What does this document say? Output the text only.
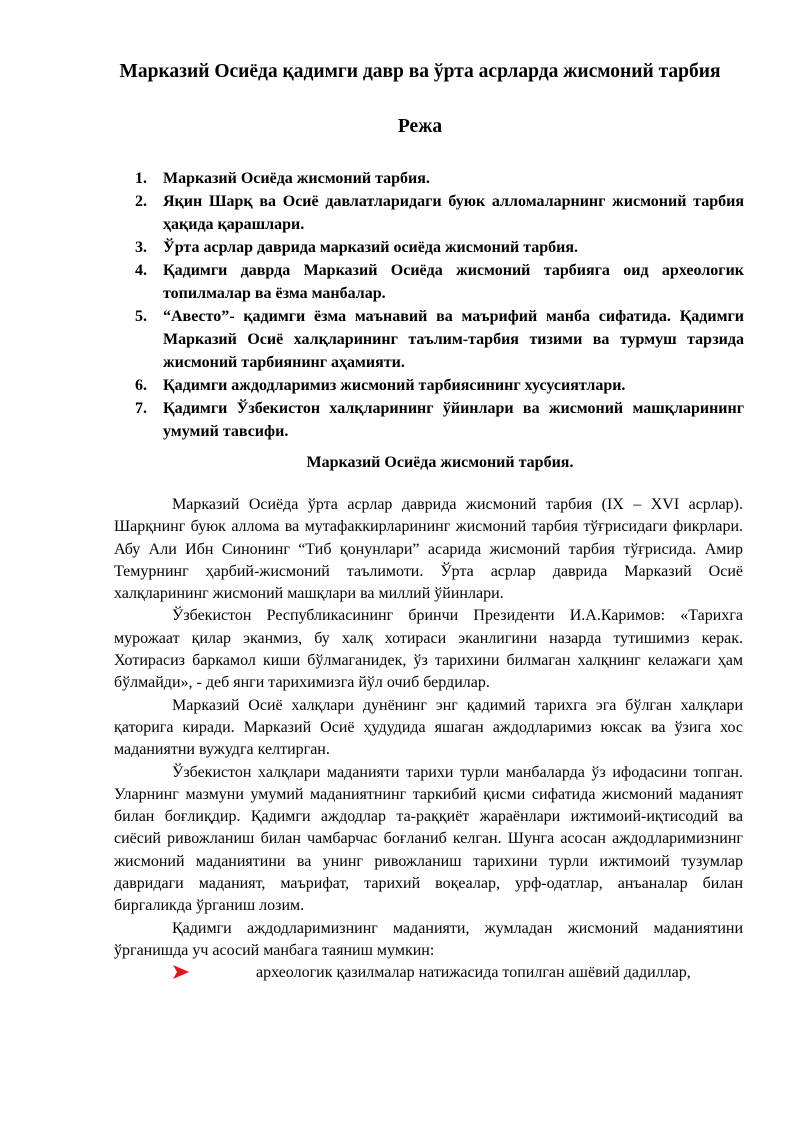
Марказий Осиёда қадимги давр ва ўрта асрларда жисмоний тарбия
Режа
1. Марказий Осиёда жисмоний тарбия.
2. Яқин Шарқ ва Осиё давлатларидаги буюк алломаларнинг жисмоний тарбия ҳақида қарашлари.
3. Ўрта асрлар даврида марказий осиёда жисмоний тарбия.
4. Қадимги даврда Марказий Осиёда жисмоний тарбияга оид археологик топилмалар ва ёзма манбалар.
5. “Авесто”- қадимги ёзма маънавий ва маърифий манба сифатида. Қадимги Марказий Осиё халқларининг таълим-тарбия тизими ва турмуш тарзида жисмоний тарбиянинг аҳамияти.
6. Қадимги аждодларимиз жисмоний тарбиясининг хусусиятлари.
7. Қадимги Ўзбекистон халқларининг ўйинлари ва жисмоний машқларининг умумий тавсифи.
Марказий Осиёда жисмоний тарбия.

Марказий Осиёда ўрта асрлар даврида жисмоний тарбия (IX – XVI асрлар). Шарқнинг буюк аллома ва мутафаккирларининг жисмоний тарбия тўғрисидаги фикрлари. Абу Али Ибн Синонинг “Тиб қонунлари” асарида жисмоний тарбия тўғрисида. Амир Темурнинг ҳарбий-жисмоний таълимоти. Ўрта асрлар даврида Марказий Осиё халқларининг жисмоний машқлари ва миллий ўйинлари.

Ўзбекистон Республикасининг бринчи Президенти И.А.Каримов: «Тарихга мурожаат қилар эканмиз, бу халқ хотираси эканлигини назарда тутишимиз керак. Хотирасиз баркамол киши бўлмаганидек, ўз тарихини билмаган халқнинг келажаги ҳам бўлмайди», - деб янги тарихимизга йўл очиб бердилар.

Марказий Осиё халқлари дунёнинг энг қадимий тарихга эга бўлган халқлари қаторига киради. Марказий Осиё ҳудудида яшаган аждодларимиз юксак ва ўзига хос маданиятни вужудга келтирган.

Ўзбекистон халқлари маданияти тарихи турли манбаларда ўз ифодасини топган. Уларнинг мазмуни умумий маданиятнинг таркибий қисми сифатида жисмоний маданият билан боғлиқдир. Қадимги аждодлар та-раққиёт жараёнлари ижтимоий-иқтисодий ва сиёсий ривожланиш билан чамбарчас боғланиб келган. Шунга асосан аждодларимизнинг жисмоний маданиятини ва унинг ривожланиш тарихини турли ижтимоий тузумлар давридаги маданият, маърифат, тарихий воқеалар, урф-одатлар, анъаналар билан биргаликда ўрганиш лозим.

Қадимги аждодларимизнинг маданияти, жумладан жисмоний маданиятини ўрганишда уч асосий манбага таяниш мумкин:

археологик қазилмалар натижасида топилган ашёвий дадиллар,
